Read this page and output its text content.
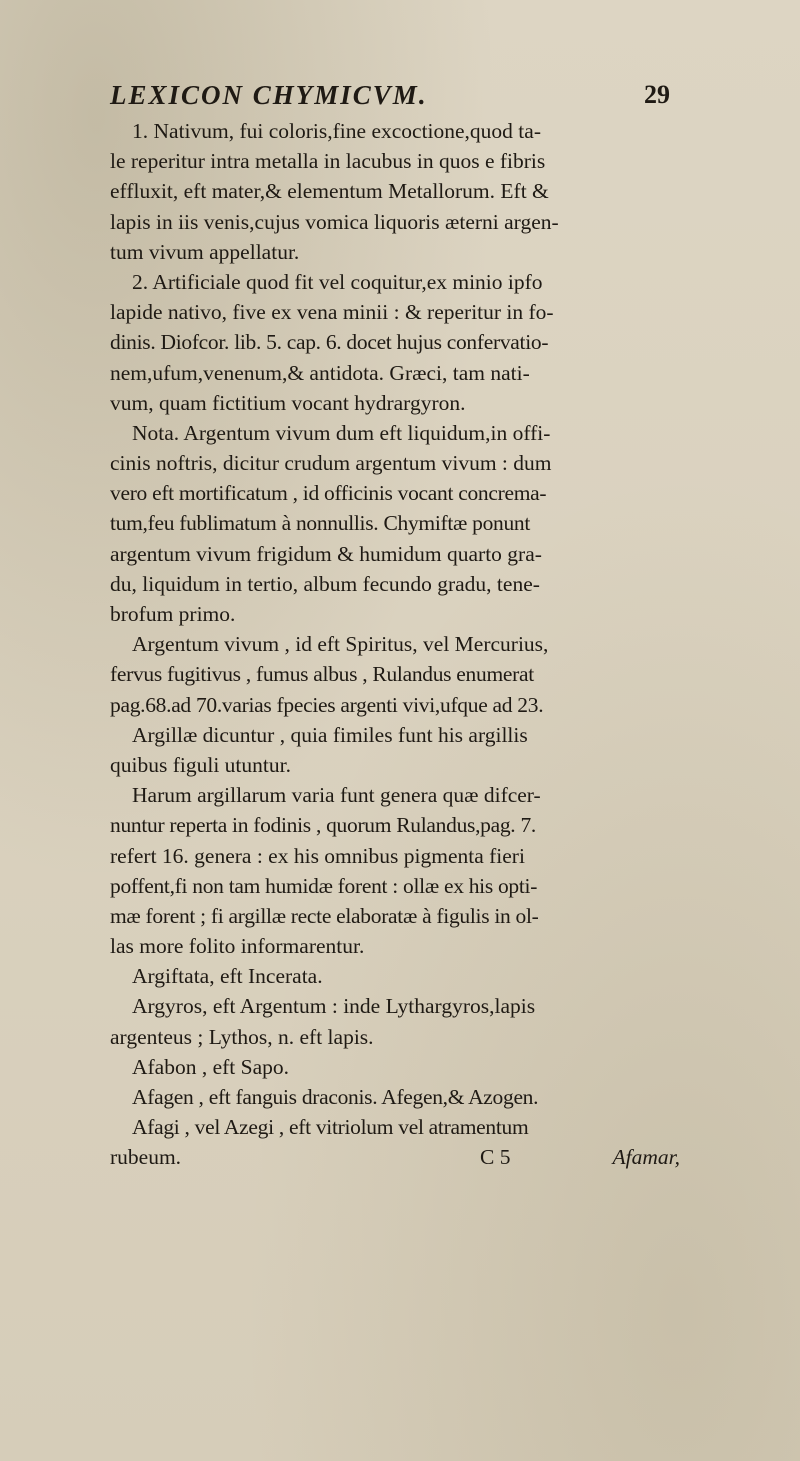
LEXICON CHYMICVM.	29
1. Nativum, fui coloris,fine excoctione,quod ta-
le reperitur intra metalla in lacubus in quos e fibris
effluxit, eft mater,& elementum Metallorum. Eft &
lapis in iis venis,cujus vomica liquoris æterni argen-
tum vivum appellatur.
2. Artificiale quod fit vel coquitur,ex minio ipfo
lapide nativo, five ex vena minii : & reperitur in fo-
dinis. Diofcor. lib. 5. cap. 6. docet hujus confervatio-
nem,ufum,venenum,& antidota. Græci, tam nati-
vum, quam fictitium vocant hydrargyron.
Nota. Argentum vivum dum eft liquidum,in offi-
cinis noftris, dicitur crudum argentum vivum : dum
vero eft mortificatum , id officinis vocant concrema-
tum,feu fublimatum à nonnullis. Chymiftæ ponunt
argentum vivum frigidum & humidum quarto gra-
du, liquidum in tertio, album fecundo gradu, tene-
brofum primo.
Argentum vivum , id eft Spiritus, vel Mercurius,
fervus fugitivus , fumus albus , Rulandus enumerat
pag.68.ad 70.varias fpecies argenti vivi,ufque ad 23.
Argillæ dicuntur , quia fimiles funt his argillis
quibus figuli utuntur.
Harum argillarum varia funt genera quæ difcer-
nuntur reperta in fodinis , quorum Rulandus,pag. 7.
refert 16. genera : ex his omnibus pigmenta fieri
poffent,fi non tam humidæ forent : ollæ ex his opti-
mæ forent ; fi argillæ recte elaboratæ à figulis in ol-
las more folito informarentur.
Argiftata, eft Incerata.
Argyros, eft Argentum : inde Lythargyros,lapis
argenteus ; Lythos, n. eft lapis.
Afabon , eft Sapo.
Afagen , eft fanguis draconis. Afegen,& Azogen.
Afagi , vel Azegi , eft vitriolum vel atramentum
rubeum.	C 5	Afamar,
